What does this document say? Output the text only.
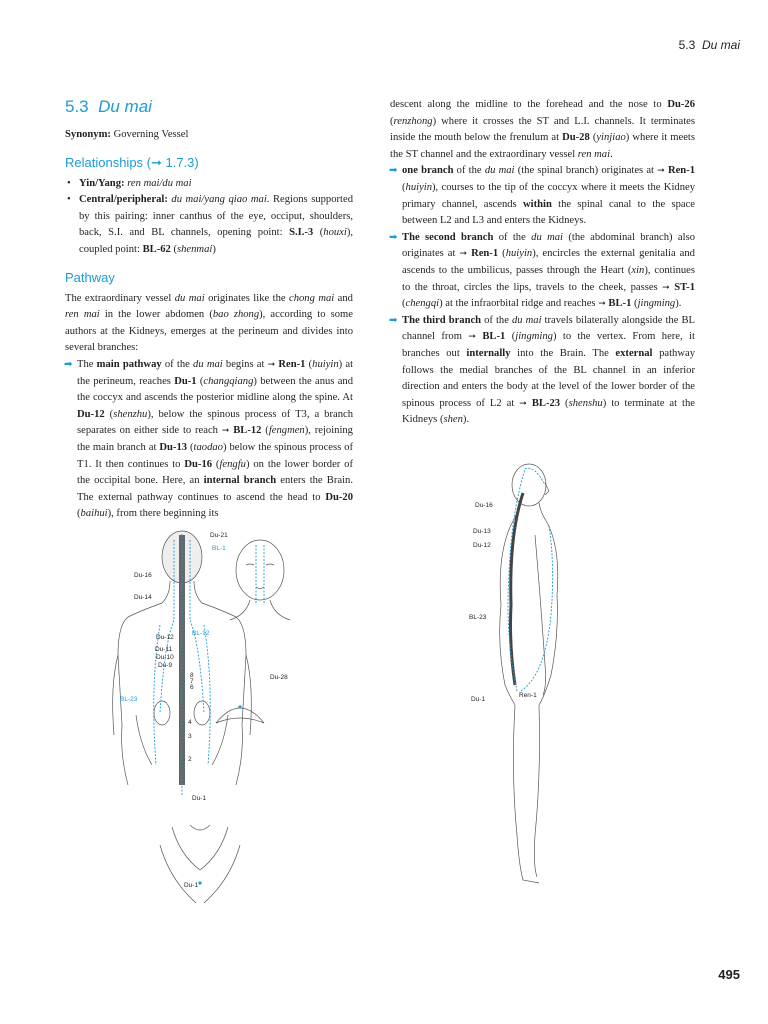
5.3 Du mai
5.3 Du mai

Synonym: Governing Vessel

Relationships (➞ 1.7.3)
• Yin/Yang: ren mai/du mai
• Central/peripheral: du mai/yang qiao mai. Regions supported by this pairing: inner canthus of the eye, occiput, shoulders, back, S.I. and BL channels, opening point: S.I.-3 (houxi), coupled point: BL-62 (shenmai)
Pathway

The extraordinary vessel du mai originates like the chong mai and ren mai in the lower abdomen (bao zhong), according to some authors at the Kidneys, emerges at the perineum and divides into several branches:

➡ The main pathway of the du mai begins at ➞ Ren-1 (huiyin) at the perineum, reaches Du-1 (changqiang) between the anus and the coccyx and ascends the posterior midline along the spine. At Du-12 (shenzhu), below the spinous process of T3, a branch separates on either side to reach ➞ BL-12 (fengmen), rejoining the main branch at Du-13 (taodao) below the spinous process of T1. It then continues to Du-16 (fengfu) on the lower border of the occipital bone. Here, an internal branch enters the Brain. The external pathway continues to ascend the head to Du-20 (baihui), from there beginning its

descent along the midline to the forehead and the nose to Du-26 (renzhong) where it crosses the ST and L.I. channels. It terminates inside the mouth below the frenulum at Du-28 (yinjiao) where it meets the ST channel and the extraordinary vessel ren mai.

➡ one branch of the du mai (the spinal branch) originates at ➞ Ren-1 (huiyin), courses to the tip of the coccyx where it meets the Kidney primary channel, ascends within the spinal canal to the space between L2 and L3 and enters the Kidneys.

➡ The second branch of the du mai (the abdominal branch) also originates at ➞ Ren-1 (huiyin), encircles the external genitalia and ascends to the umbilicus, passes through the Heart (xin), continues to the throat, circles the lips, travels to the cheek, passes ➞ ST-1 (chengqi) at the infraorbital ridge and reaches ➞ BL-1 (jingming).

➡ The third branch of the du mai travels bilaterally alongside the BL channel from ➞ BL-1 (jingming) to the vertex. From here, it branches out internally into the Brain. The external pathway follows the medial branches of the BL channel in an inferior direction and enters the body at the level of the lower border of the spinous process of L2 at ➞ BL-23 (shenshu) to terminate at the Kidneys (shen).

Du-21
BL-1
Du-16
Du-14
Du-12
BL-12
Du-11
Du-10
Du-9
8
7
6
BL-23
4
3
2
Du-1
Du-28
Du-1
Du-16
Du-13
Du-12
BL-23
Ren-1
Du-1
495
